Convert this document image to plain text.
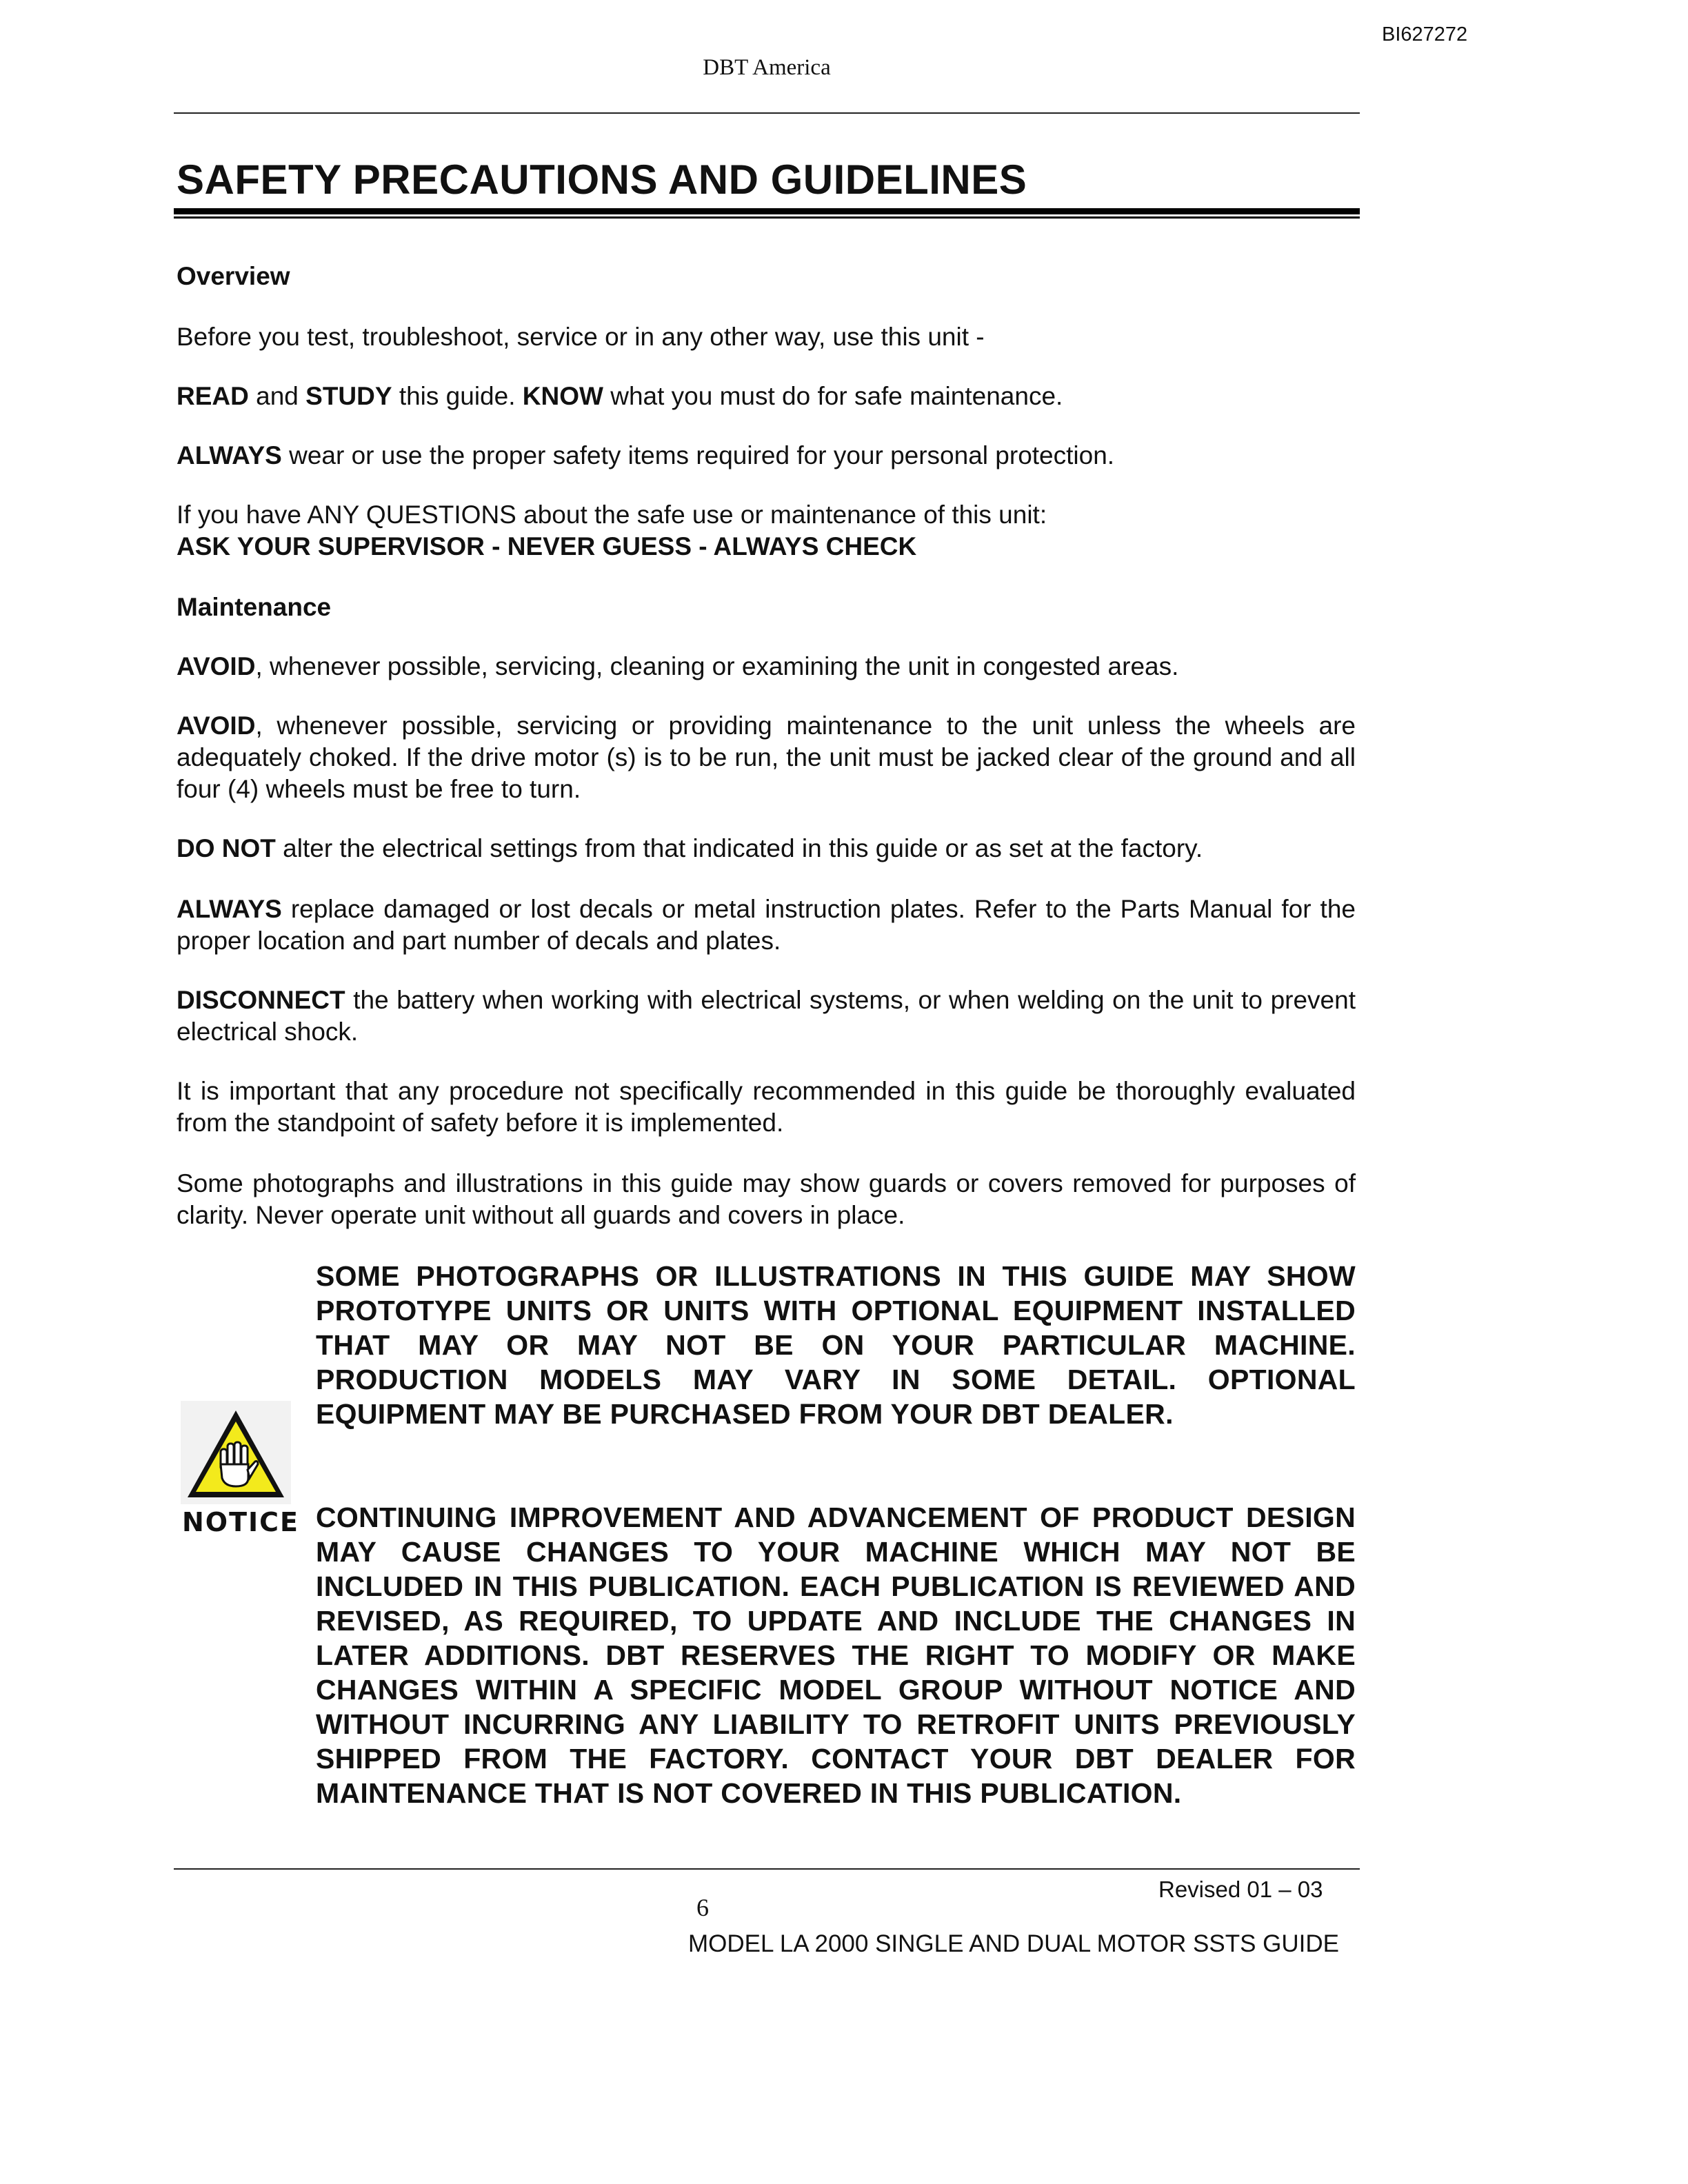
BI627272
DBT America
SAFETY PRECAUTIONS AND GUIDELINES

Overview

Before you test, troubleshoot, service or in any other way, use this unit -

READ and STUDY this guide. KNOW what you must do for safe maintenance.

ALWAYS wear or use the proper safety items required for your personal protection.

If you have ANY QUESTIONS about the safe use or maintenance of this unit:
ASK YOUR SUPERVISOR - NEVER GUESS - ALWAYS CHECK

Maintenance

AVOID, whenever possible, servicing, cleaning or examining the unit in congested areas.

AVOID, whenever possible, servicing or providing maintenance to the unit unless the wheels are adequately choked. If the drive motor (s) is to be run, the unit must be jacked clear of the ground and all four (4) wheels must be free to turn.

DO NOT alter the electrical settings from that indicated in this guide or as set at the factory.

ALWAYS replace damaged or lost decals or metal instruction plates. Refer to the Parts Manual for the proper location and part number of decals and plates.

DISCONNECT the battery when working with electrical systems, or when welding on the unit to prevent electrical shock.

It is important that any procedure not specifically recommended in this guide be thoroughly evaluated from the standpoint of safety before it is implemented.

Some photographs and illustrations in this guide may show guards or covers removed for purposes of clarity. Never operate unit without all guards and covers in place.

NOTICE

SOME PHOTOGRAPHS OR ILLUSTRATIONS IN THIS GUIDE MAY SHOW PROTOTYPE UNITS OR UNITS WITH OPTIONAL EQUIPMENT INSTALLED THAT MAY OR MAY NOT BE ON YOUR PARTICULAR MACHINE. PRODUCTION MODELS MAY VARY IN SOME DETAIL. OPTIONAL EQUIPMENT MAY BE PURCHASED FROM YOUR DBT DEALER.

CONTINUING IMPROVEMENT AND ADVANCEMENT OF PRODUCT DESIGN MAY CAUSE CHANGES TO YOUR MACHINE WHICH MAY NOT BE INCLUDED IN THIS PUBLICATION. EACH PUBLICATION IS REVIEWED AND REVISED, AS REQUIRED, TO UPDATE AND INCLUDE THE CHANGES IN LATER ADDITIONS. DBT RESERVES THE RIGHT TO MODIFY OR MAKE CHANGES WITHIN A SPECIFIC MODEL GROUP WITHOUT NOTICE AND WITHOUT INCURRING ANY LIABILITY TO RETROFIT UNITS PREVIOUSLY SHIPPED FROM THE FACTORY. CONTACT YOUR DBT DEALER FOR MAINTENANCE THAT IS NOT COVERED IN THIS PUBLICATION.

Revised 01 – 03
6
MODEL LA 2000 SINGLE AND DUAL MOTOR SSTS GUIDE
